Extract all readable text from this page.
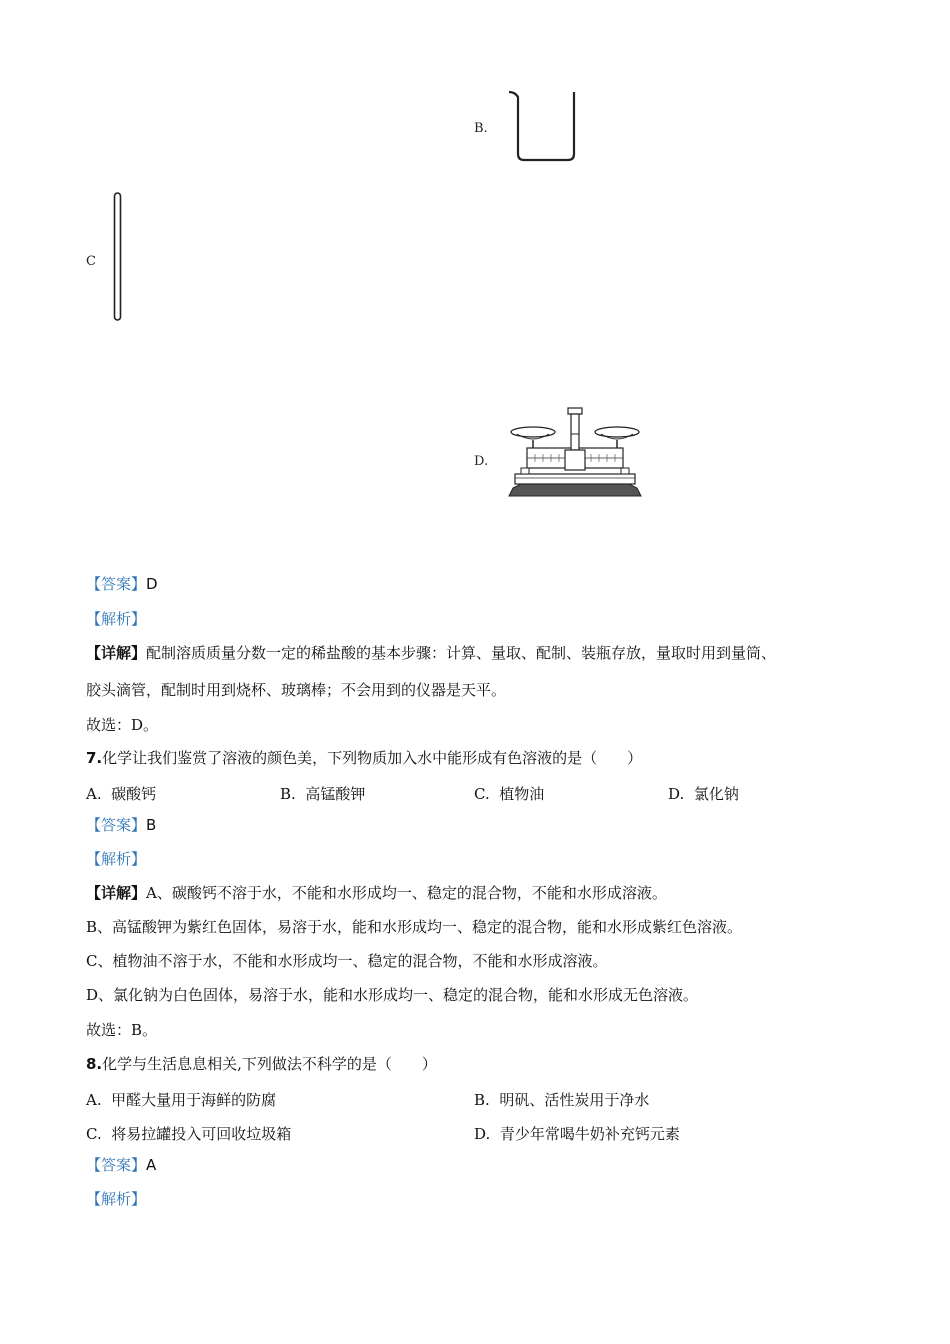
B.
C
D.
【答案】D
【解析】
【详解】配制溶质质量分数一定的稀盐酸的基本步骤：计算、量取、配制、装瓶存放，量取时用到量筒、
胶头滴管，配制时用到烧杯、玻璃棒；不会用到的仪器是天平。
故选：D。
7.化学让我们鉴赏了溶液的颜色美，下列物质加入水中能形成有色溶液的是（　　）
A. 碳酸钙	B. 高锰酸钾	C. 植物油	D. 氯化钠
【答案】B
【解析】
【详解】A、碳酸钙不溶于水，不能和水形成均一、稳定的混合物，不能和水形成溶液。
B、高锰酸钾为紫红色固体，易溶于水，能和水形成均一、稳定的混合物，能和水形成紫红色溶液。
C、植物油不溶于水，不能和水形成均一、稳定的混合物，不能和水形成溶液。
D、氯化钠为白色固体，易溶于水，能和水形成均一、稳定的混合物，能和水形成无色溶液。
故选：B。
8.化学与生活息息相关,下列做法不科学的是（　　）
A. 甲醛大量用于海鲜的防腐	B. 明矾、活性炭用于净水
C. 将易拉罐投入可回收垃圾箱	D. 青少年常喝牛奶补充钙元素
【答案】A
【解析】
